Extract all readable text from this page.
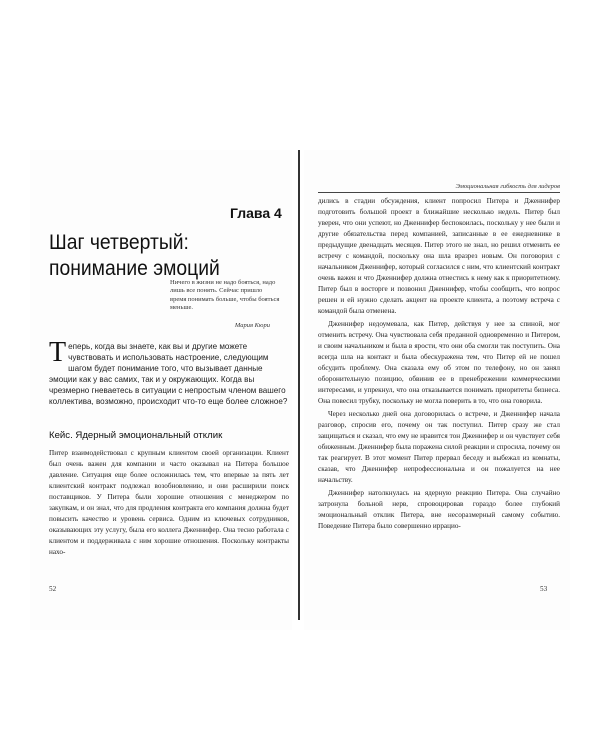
Глава 4
Шаг четвертый:
понимание эмоций
Ничего в жизни не надо бояться, надо лишь все понять. Сейчас пришло время понимать больше, чтобы бояться меньше.
Мария Кюри
Теперь, когда вы знаете, как вы и другие можете чувствовать и использовать настроение, следующим шагом будет понимание того, что вызывает данные эмоции как у вас самих, так и у окружающих. Когда вы чрезмерно гневаетесь в ситуации с непростым членом вашего коллектива, возможно, происходит что-то еще более сложное?
Кейс. Ядерный эмоциональный отклик
Питер взаимодействовал с крупным клиентом своей организации. Клиент был очень важен для компании и часто оказывал на Питера большое давление. Ситуация еще более осложнилась тем, что впервые за пять лет клиентский контракт подлежал возобновлению, и они расширили поиск поставщиков. У Питера были хорошие отношения с менеджером по закупкам, и он знал, что для продления контракта его компания должна будет повысить качество и уровень сервиса. Одним из ключевых сотрудников, оказывающих эту услугу, была его коллега Дженнифер. Она тесно работала с клиентом и поддерживала с ним хорошие отношения. Поскольку контракты нахо-
52
Эмоциональная гибкость для лидеров

дились в стадии обсуждения, клиент попросил Питера и Дженнифер подготовить большой проект в ближайшие несколько недель. Питер был уверен, что они успеют, но Дженнифер беспокоилась, поскольку у нее были и другие обязательства перед компанией, записанные в ее ежедневнике в предыдущие двенадцать месяцев. Питер этого не знал, но решил отменить ее встречу с командой, поскольку она шла вразрез новым. Он поговорил с начальником Дженнифер, который согласился с ним, что клиентский контракт очень важен и что Дженнифер должна отнестись к нему как к приоритетному. Питер был в восторге и позвонил Дженнифер, чтобы сообщить, что вопрос решен и ей нужно сделать акцент на проекте клиента, а поэтому встреча с командой была отменена.

Дженнифер недоумевала, как Питер, действуя у нее за спиной, мог отменить встречу. Она чувствовала себя преданной одновременно и Питером, и своим начальником и была в ярости, что они оба смогли так поступить. Она всегда шла на контакт и была обескуражена тем, что Питер ей не пошел обсудить проблему. Она сказала ему об этом по телефону, но он занял оборонительную позицию, обвинив ее в пренебрежении коммерческими интересами, и упрекнул, что она отказывается понимать приоритеты бизнеса. Она повесил трубку, поскольку не могла поверить в то, что она говорила.

Через несколько дней она договорилась о встрече, и Дженнифер начала разговор, спросив его, почему он так поступил. Питер сразу же стал защищаться и сказал, что ему не нравится тон Дженнифер и он чувствует себя обиженным. Дженнифер была поражена силой реакции и спросила, почему он так реагирует. В этот момент Питер прервал беседу и выбежал из комнаты, сказав, что Дженнифер непрофессиональна и он пожалуется на нее начальству.

Дженнифер натолкнулась на ядерную реакцию Питера. Она случайно затронула больной нерв, спровоцировав гораздо более глубокий эмоциональный отклик Питера, вне несоразмерный самому событию. Поведение Питера было совершенно иррацио-

53
